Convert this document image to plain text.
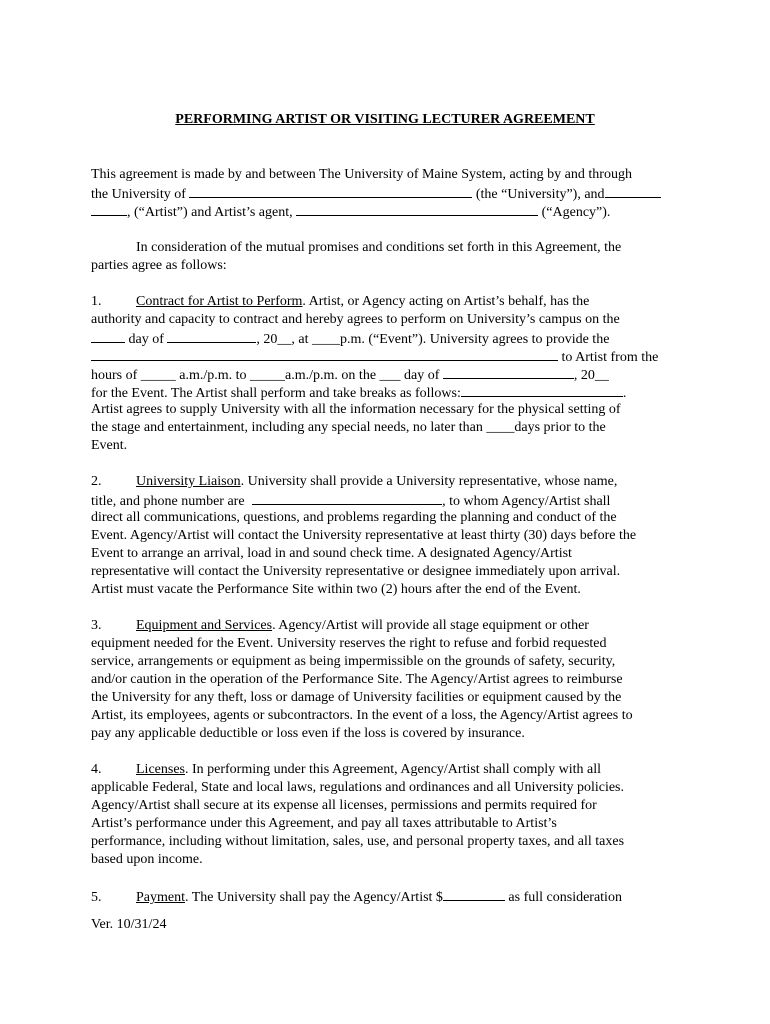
PERFORMING ARTIST OR VISITING LECTURER AGREEMENT
This agreement is made by and between The University of Maine System, acting by and through
the University of	(the “University”), and
, (“Artist”) and Artist’s agent,	(“Agency”).
In consideration of the mutual promises and conditions set forth in this Agreement, the
parties agree as follows:
1. Contract for Artist to Perform. Artist, or Agency acting on Artist’s behalf, has the
authority and capacity to contract and hereby agrees to perform on University’s campus on the
day of	, 20__, at ____p.m. (“Event”). University agrees to provide the
to Artist from the
hours of _____ a.m./p.m. to _____a.m./p.m. on the ___ day of	, 20__
for the Event. The Artist shall perform and take breaks as follows:	.
Artist agrees to supply University with all the information necessary for the physical setting of
the stage and entertainment, including any special needs, no later than ____days prior to the
Event.
2. University Liaison. University shall provide a University representative, whose name,
title, and phone number are	, to whom Agency/Artist shall
direct all communications, questions, and problems regarding the planning and conduct of the
Event. Agency/Artist will contact the University representative at least thirty (30) days before the
Event to arrange an arrival, load in and sound check time. A designated Agency/Artist
representative will contact the University representative or designee immediately upon arrival.
Artist must vacate the Performance Site within two (2) hours after the end of the Event.
3. Equipment and Services. Agency/Artist will provide all stage equipment or other
equipment needed for the Event. University reserves the right to refuse and forbid requested
service, arrangements or equipment as being impermissible on the grounds of safety, security,
and/or caution in the operation of the Performance Site. The Agency/Artist agrees to reimburse
the University for any theft, loss or damage of University facilities or equipment caused by the
Artist, its employees, agents or subcontractors. In the event of a loss, the Agency/Artist agrees to
pay any applicable deductible or loss even if the loss is covered by insurance.
4. Licenses. In performing under this Agreement, Agency/Artist shall comply with all
applicable Federal, State and local laws, regulations and ordinances and all University policies.
Agency/Artist shall secure at its expense all licenses, permissions and permits required for
Artist’s performance under this Agreement, and pay all taxes attributable to Artist’s
performance, including without limitation, sales, use, and personal property taxes, and all taxes
based upon income.
5. Payment. The University shall pay the Agency/Artist $	as full consideration
Ver. 10/31/24
